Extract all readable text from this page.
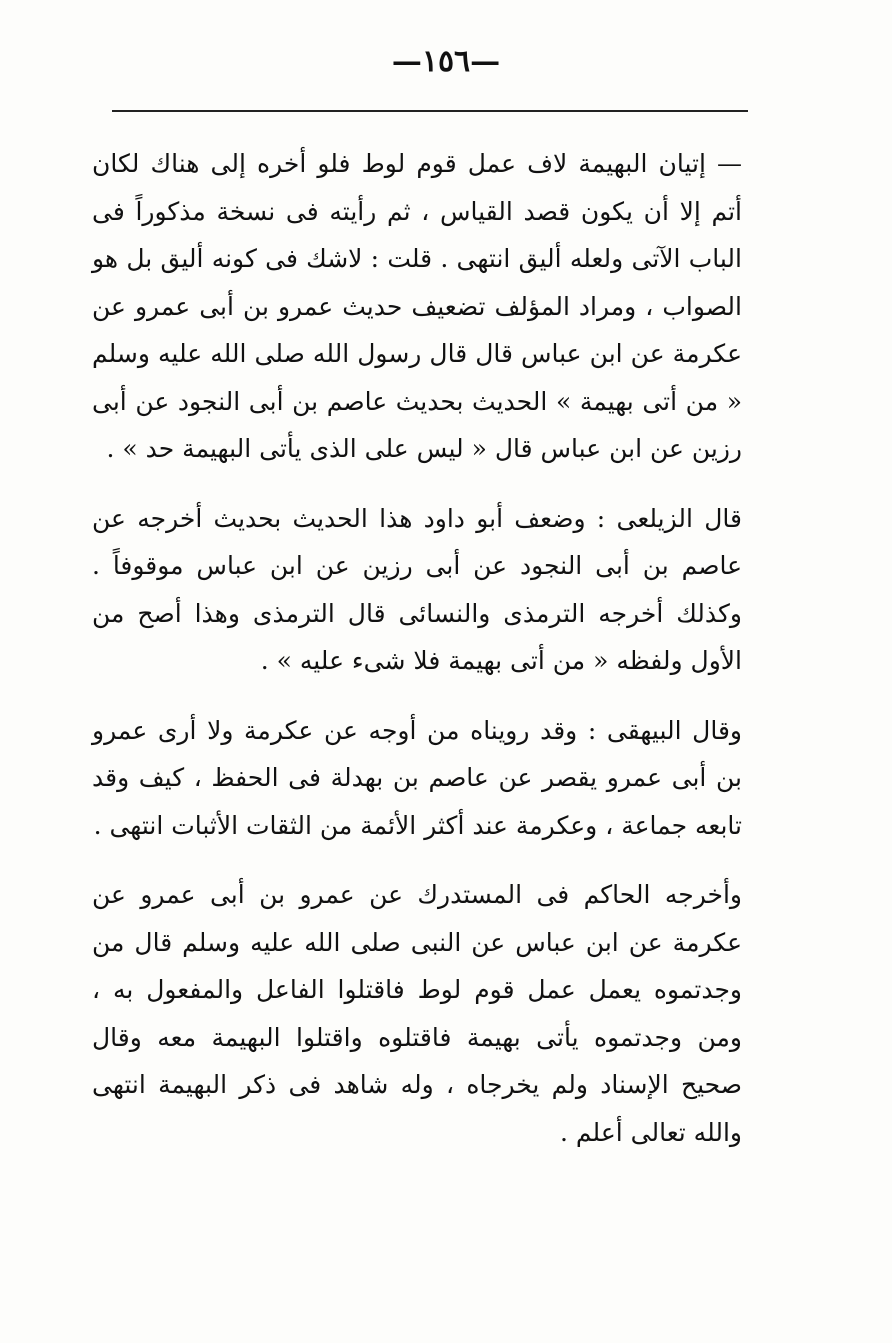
—١٥٦—

— إتيان البهيمة لاف عمل قوم لوط فلو أخره إلى هناك لكان أتم إلا أن يكون قصد القياس ، ثم رأيته فى نسخة مذكوراً فى الباب الآتى ولعله أليق انتهى . قلت : لاشك فى كونه أليق بل هو الصواب ، ومراد المؤلف تضعيف حديث عمرو بن أبى عمرو عن عكرمة عن ابن عباس قال قال رسول الله صلى الله عليه وسلم « من أتى بهيمة » الحديث بحديث عاصم بن أبى النجود عن أبى رزين عن ابن عباس قال « ليس على الذى يأتى البهيمة حد » .

قال الزيلعى : وضعف أبو داود هذا الحديث بحديث أخرجه عن عاصم بن أبى النجود عن أبى رزين عن ابن عباس موقوفاً . وكذلك أخرجه الترمذى والنسائى قال الترمذى وهذا أصح من الأول ولفظه « من أتى بهيمة فلا شىء عليه » .

وقال البيهقى : وقد رويناه من أوجه عن عكرمة ولا أرى عمرو بن أبى عمرو يقصر عن عاصم بن بهدلة فى الحفظ ، كيف وقد تابعه جماعة ، وعكرمة عند أكثر الأئمة من الثقات الأثبات انتهى .

وأخرجه الحاكم فى المستدرك عن عمرو بن أبى عمرو عن عكرمة عن ابن عباس عن النبى صلى الله عليه وسلم قال من وجدتموه يعمل عمل قوم لوط فاقتلوا الفاعل والمفعول به ، ومن وجدتموه يأتى بهيمة فاقتلوه واقتلوا البهيمة معه وقال صحيح الإسناد ولم يخرجاه ، وله شاهد فى ذكر البهيمة انتهى والله تعالى أعلم .
